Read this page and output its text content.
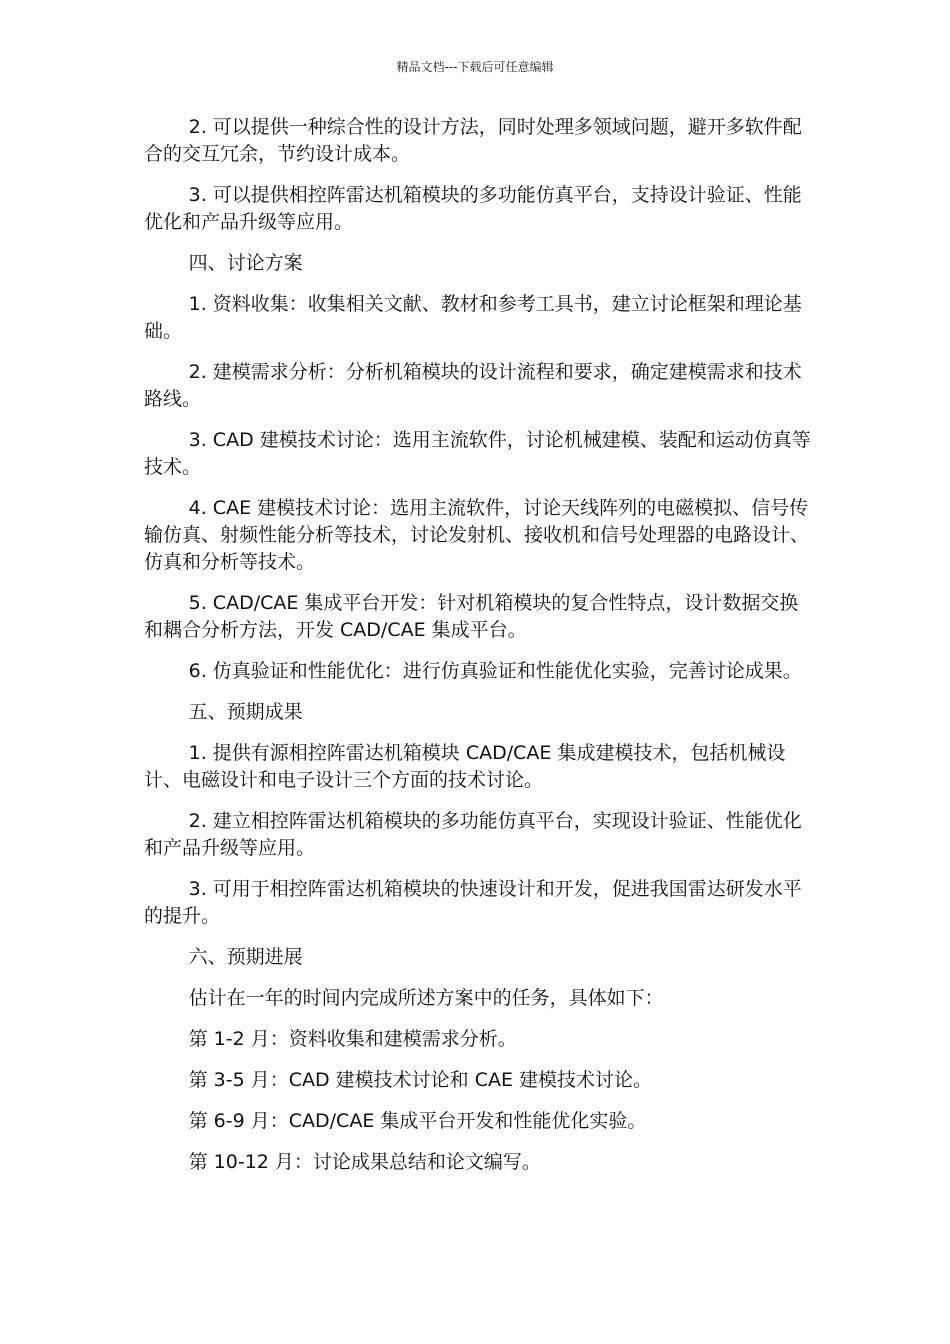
精品文档---下载后可任意编辑

2. 可以提供一种综合性的设计方法，同时处理多领域问题，避开多软件配合的交互冗余，节约设计成本。

3. 可以提供相控阵雷达机箱模块的多功能仿真平台，支持设计验证、性能优化和产品升级等应用。

四、讨论方案

1. 资料收集：收集相关文献、教材和参考工具书，建立讨论框架和理论基础。

2. 建模需求分析：分析机箱模块的设计流程和要求，确定建模需求和技术路线。

3. CAD 建模技术讨论：选用主流软件，讨论机械建模、装配和运动仿真等技术。

4. CAE 建模技术讨论：选用主流软件，讨论天线阵列的电磁模拟、信号传输仿真、射频性能分析等技术，讨论发射机、接收机和信号处理器的电路设计、仿真和分析等技术。

5. CAD/CAE 集成平台开发：针对机箱模块的复合性特点，设计数据交换和耦合分析方法，开发 CAD/CAE 集成平台。

6. 仿真验证和性能优化：进行仿真验证和性能优化实验，完善讨论成果。

五、预期成果

1. 提供有源相控阵雷达机箱模块 CAD/CAE 集成建模技术，包括机械设计、电磁设计和电子设计三个方面的技术讨论。

2. 建立相控阵雷达机箱模块的多功能仿真平台，实现设计验证、性能优化和产品升级等应用。

3. 可用于相控阵雷达机箱模块的快速设计和开发，促进我国雷达研发水平的提升。

六、预期进展

估计在一年的时间内完成所述方案中的任务，具体如下：

第 1-2 月：资料收集和建模需求分析。

第 3-5 月：CAD 建模技术讨论和 CAE 建模技术讨论。

第 6-9 月：CAD/CAE 集成平台开发和性能优化实验。

第 10-12 月：讨论成果总结和论文编写。
